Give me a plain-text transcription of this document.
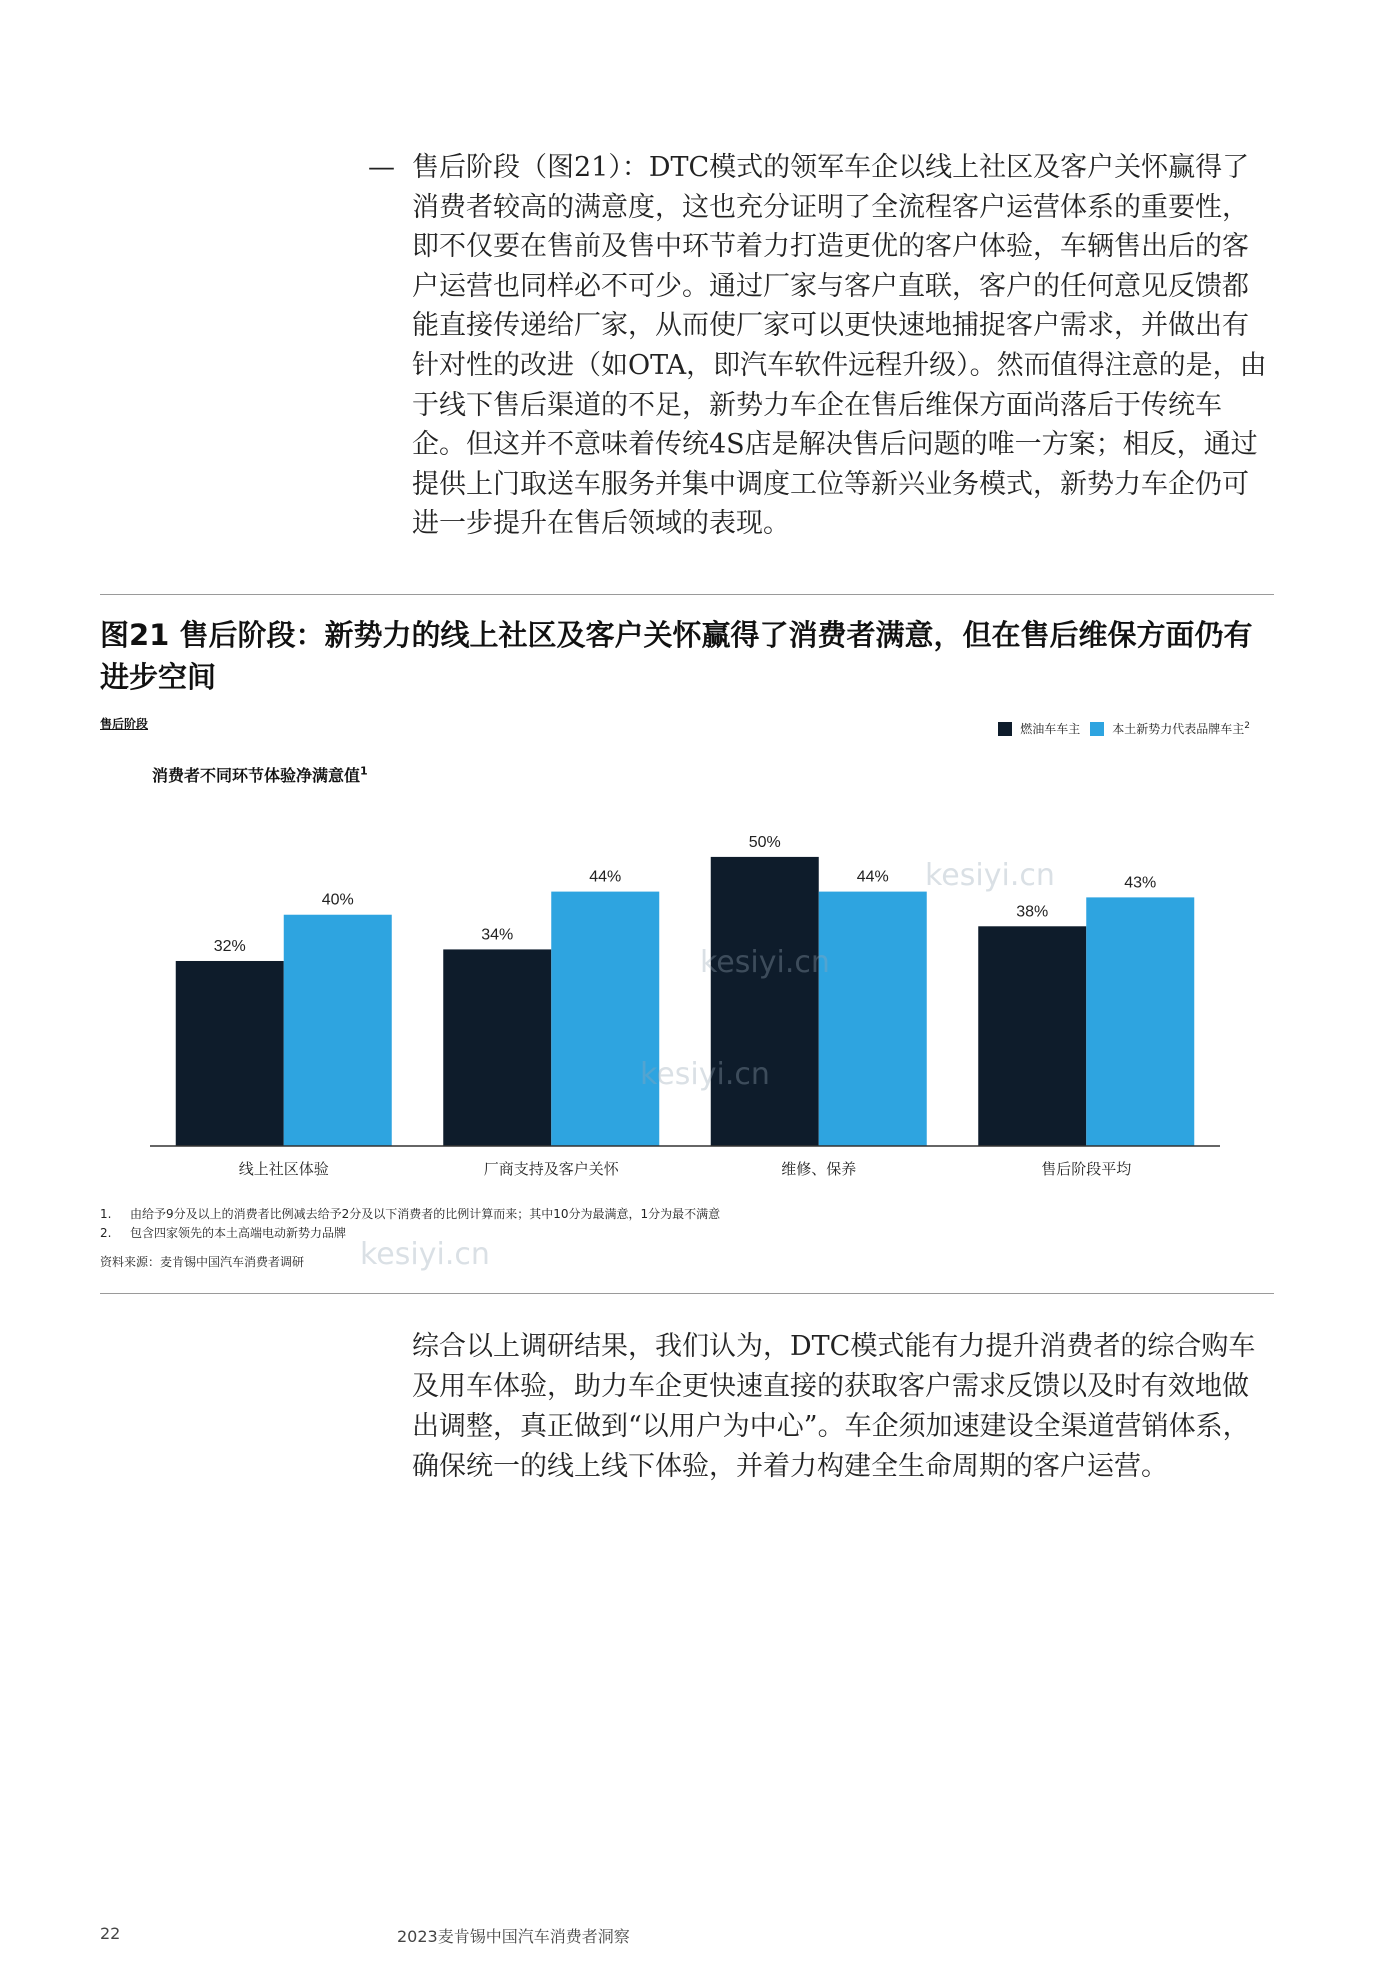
— 售后阶段（图21）：DTC模式的领军车企以线上社区及客户关怀赢得了消费者较高的满意度，这也充分证明了全流程客户运营体系的重要性，即不仅要在售前及售中环节着力打造更优的客户体验，车辆售出后的客户运营也同样必不可少。通过厂家与客户直联，客户的任何意见反馈都能直接传递给厂家，从而使厂家可以更快速地捕捉客户需求，并做出有针对性的改进（如OTA，即汽车软件远程升级）。然而值得注意的是，由于线下售后渠道的不足，新势力车企在售后维保方面尚落后于传统车企。但这并不意味着传统4S店是解决售后问题的唯一方案；相反，通过提供上门取送车服务并集中调度工位等新兴业务模式，新势力车企仍可进一步提升在售后领域的表现。
图21 售后阶段：新势力的线上社区及客户关怀赢得了消费者满意，但在售后维保方面仍有进步空间
售后阶段	燃油车车主	本土新势力代表品牌车主$^2$
消费者不同环节体验净满意值$^1$
32%
40%
线上社区体验
34%
44%
厂商支持及客户关怀
50%
44%
维修、保养
38%
43%
售后阶段平均
1.	由给予9分及以上的消费者比例减去给予2分及以下消费者的比例计算而来；其中10分为最满意，1分为最不满意
2.	包含四家领先的本土高端电动新势力品牌
资料来源：麦肯锡中国汽车消费者调研
综合以上调研结果，我们认为，DTC模式能有力提升消费者的综合购车及用车体验，助力车企更快速直接的获取客户需求反馈以及时有效地做出调整，真正做到“以用户为中心”。车企须加速建设全渠道营销体系，确保统一的线上线下体验，并着力构建全生命周期的客户运营。
22	2023麦肯锡中国汽车消费者洞察
kesiyi.cn
kesiyi.cn
kesiyi.cn
kesiyi.cn
